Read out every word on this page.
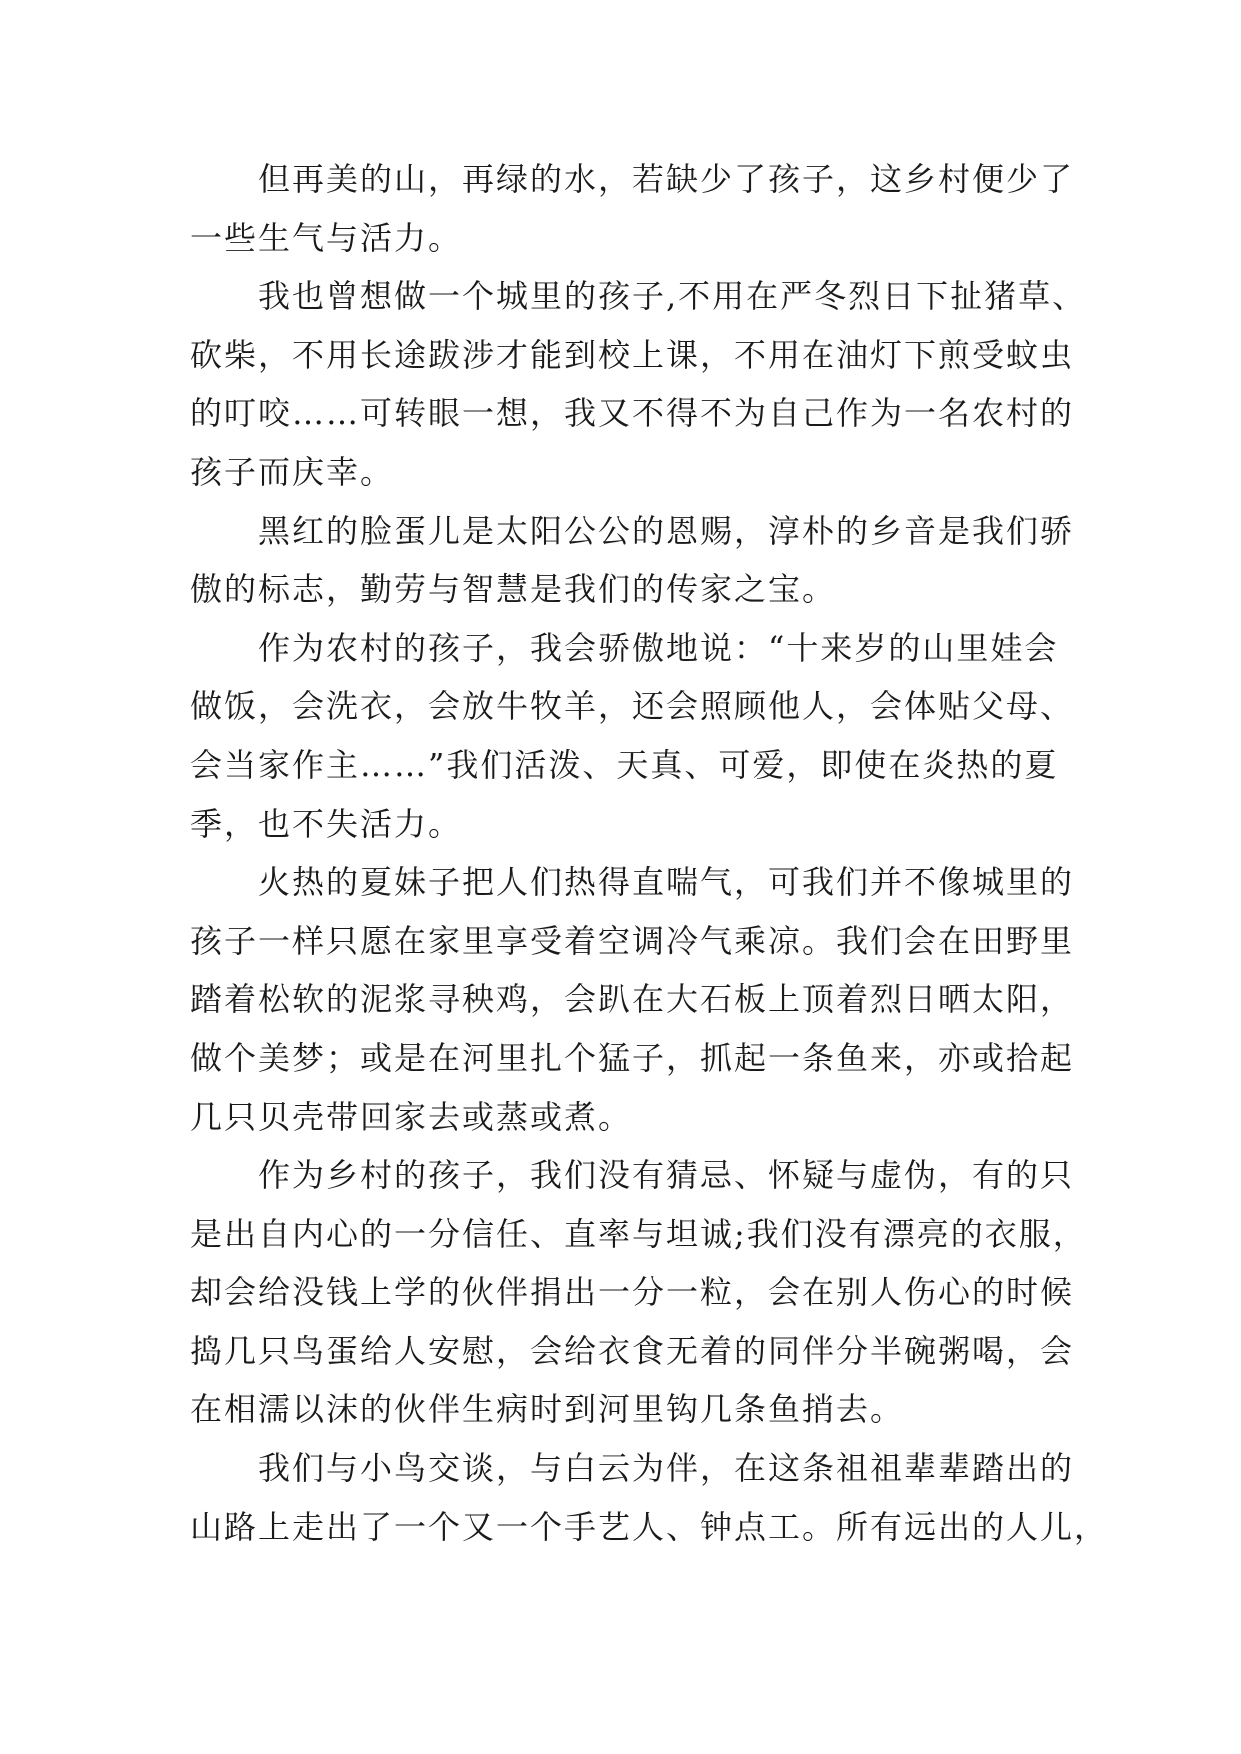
但再美的山，再绿的水，若缺少了孩子，这乡村便少了
一些生气与活力。
我也曾想做一个城里的孩子,不用在严冬烈日下扯猪草、
砍柴，不用长途跋涉才能到校上课，不用在油灯下煎受蚊虫
的叮咬……可转眼一想，我又不得不为自己作为一名农村的
孩子而庆幸。
黑红的脸蛋儿是太阳公公的恩赐，淳朴的乡音是我们骄
傲的标志，勤劳与智慧是我们的传家之宝。
作为农村的孩子，我会骄傲地说：“十来岁的山里娃会
做饭，会洗衣，会放牛牧羊，还会照顾他人，会体贴父母、
会当家作主……”我们活泼、天真、可爱，即使在炎热的夏
季，也不失活力。
火热的夏妹子把人们热得直喘气，可我们并不像城里的
孩子一样只愿在家里享受着空调冷气乘凉。我们会在田野里
踏着松软的泥浆寻秧鸡，会趴在大石板上顶着烈日晒太阳，
做个美梦；或是在河里扎个猛子，抓起一条鱼来，亦或拾起
几只贝壳带回家去或蒸或煮。
作为乡村的孩子，我们没有猜忌、怀疑与虚伪，有的只
是出自内心的一分信任、直率与坦诚;我们没有漂亮的衣服，
却会给没钱上学的伙伴捐出一分一粒，会在别人伤心的时候
捣几只鸟蛋给人安慰，会给衣食无着的同伴分半碗粥喝，会
在相濡以沫的伙伴生病时到河里钩几条鱼捎去。
我们与小鸟交谈，与白云为伴，在这条祖祖辈辈踏出的
山路上走出了一个又一个手艺人、钟点工。所有远出的人儿，
